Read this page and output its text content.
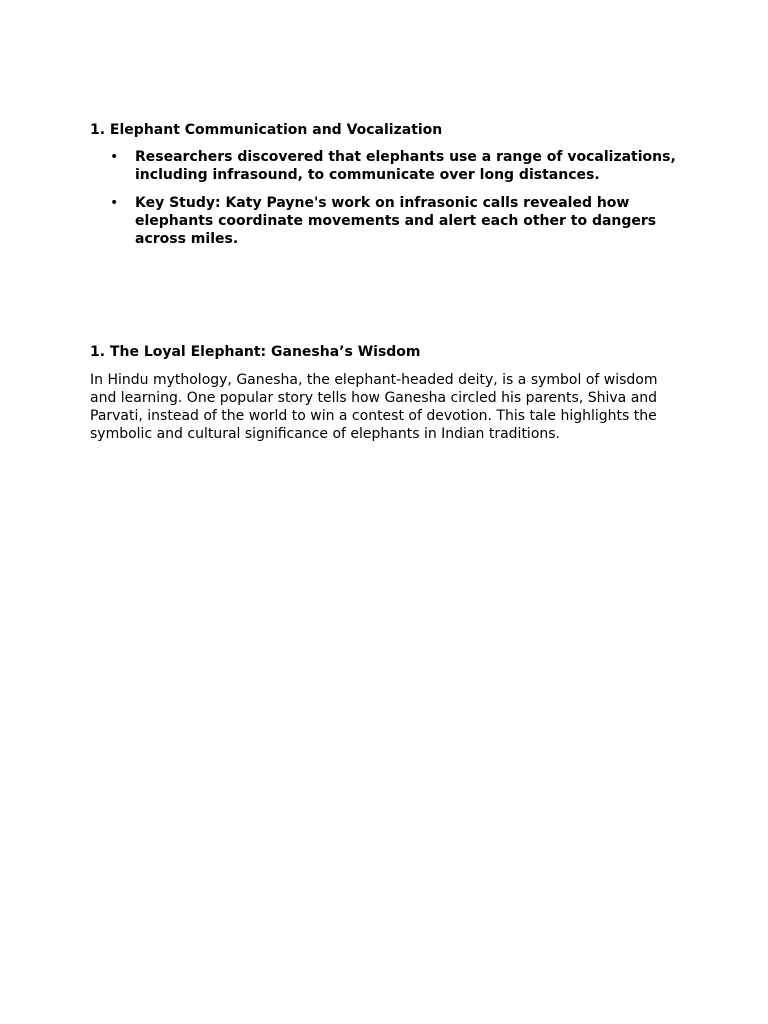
1. Elephant Communication and Vocalization

• Researchers discovered that elephants use a range of vocalizations, including infrasound, to communicate over long distances.
• Key Study: Katy Payne's work on infrasonic calls revealed how elephants coordinate movements and alert each other to dangers across miles.

1. The Loyal Elephant: Ganesha’s Wisdom

In Hindu mythology, Ganesha, the elephant-headed deity, is a symbol of wisdom and learning. One popular story tells how Ganesha circled his parents, Shiva and Parvati, instead of the world to win a contest of devotion. This tale highlights the symbolic and cultural significance of elephants in Indian traditions.
